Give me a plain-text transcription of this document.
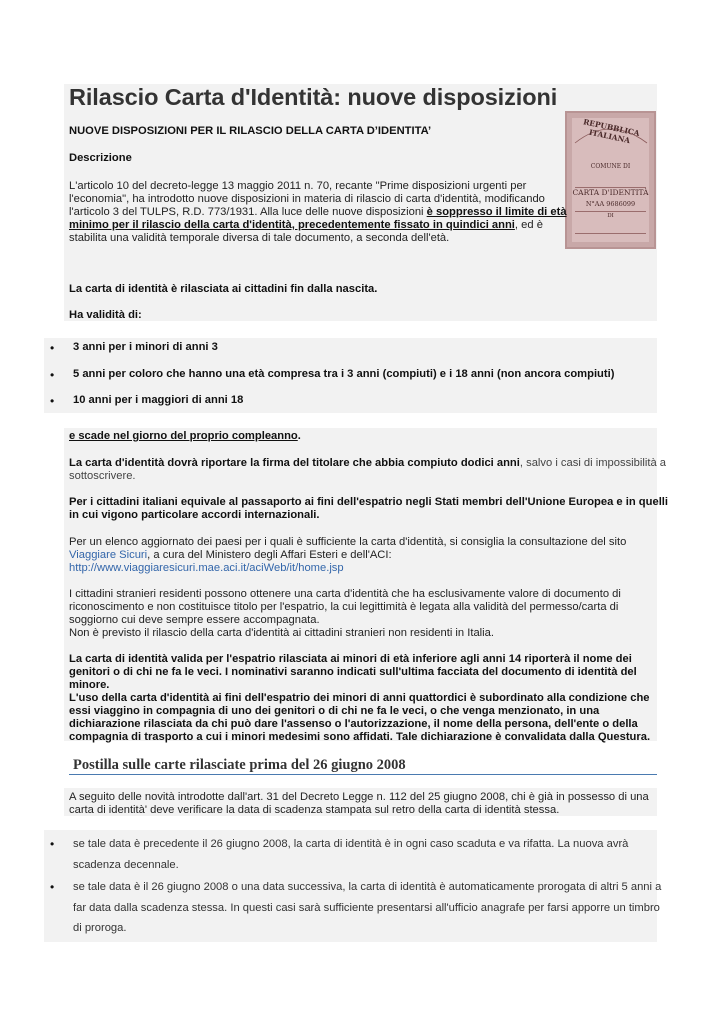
Rilascio Carta d'Identità: nuove disposizioni
NUOVE DISPOSIZIONI PER IL RILASCIO DELLA CARTA D’IDENTITA’
Descrizione
REPUBBLICA ITALIANA
COMUNE DI
CARTA D'IDENTITÀ
N°AA 9686099
DI
L'articolo 10 del decreto-legge 13 maggio 2011 n. 70, recante "Prime disposizioni urgenti per
l'economia", ha introdotto nuove disposizioni in materia di rilascio di carta d'identità, modificando
l'articolo 3 del TULPS, R.D. 773/1931. Alla luce delle nuove disposizioni è soppresso il limite di età
minimo per il rilascio della carta d'identità, precedentemente fissato in quindici anni, ed è
stabilita una validità temporale diversa di tale documento, a seconda dell'età.
La carta di identità è rilasciata ai cittadini fin dalla nascita.
Ha validità di:
• 3 anni per i minori di anni 3
• 5 anni per coloro che hanno una età compresa tra i 3 anni (compiuti) e i 18 anni (non ancora compiuti)
• 10 anni per i maggiori di anni 18
e scade nel giorno del proprio compleanno.
La carta d'identità dovrà riportare la firma del titolare che abbia compiuto dodici anni, salvo i casi di impossibilità a
sottoscrivere.
Per i cittadini italiani equivale al passaporto ai fini dell'espatrio negli Stati membri dell'Unione Europea e in quelli
in cui vigono particolare accordi internazionali.
Per un elenco aggiornato dei paesi per i quali è sufficiente la carta d'identità, si consiglia la consultazione del sito
Viaggiare Sicuri, a cura del Ministero degli Affari Esteri e dell'ACI:
http://www.viaggiaresicuri.mae.aci.it/aciWeb/it/home.jsp
I cittadini stranieri residenti possono ottenere una carta d'identità che ha esclusivamente valore di documento di
riconoscimento e non costituisce titolo per l'espatrio, la cui legittimità è legata alla validità del permesso/carta di
soggiorno cui deve sempre essere accompagnata.
Non è previsto il rilascio della carta d'identità ai cittadini stranieri non residenti in Italia.
La carta di identità valida per l'espatrio rilasciata ai minori di età inferiore agli anni 14 riporterà il nome dei
genitori o di chi ne fa le veci. I nominativi saranno indicati sull'ultima facciata del documento di identità del
minore.
L'uso della carta d'identità ai fini dell'espatrio dei minori di anni quattordici è subordinato alla condizione che
essi viaggino in compagnia di uno dei genitori o di chi ne fa le veci, o che venga menzionato, in una
dichiarazione rilasciata da chi può dare l'assenso o l'autorizzazione, il nome della persona, dell'ente o della
compagnia di trasporto a cui i minori medesimi sono affidati. Tale dichiarazione è convalidata dalla Questura.
Postilla sulle carte rilasciate prima del 26 giugno 2008
A seguito delle novità introdotte dall'art. 31 del Decreto Legge n. 112 del 25 giugno 2008, chi è già in possesso di una
carta di identità' deve verificare la data di scadenza stampata sul retro della carta di identità stessa.
• se tale data è precedente il 26 giugno 2008, la carta di identità è in ogni caso scaduta e va rifatta. La nuova avrà
scadenza decennale.
• se tale data è il 26 giugno 2008 o una data successiva, la carta di identità è automaticamente prorogata di altri 5 anni a
far data dalla scadenza stessa. In questi casi sarà sufficiente presentarsi all'ufficio anagrafe per farsi apporre un timbro
di proroga.
